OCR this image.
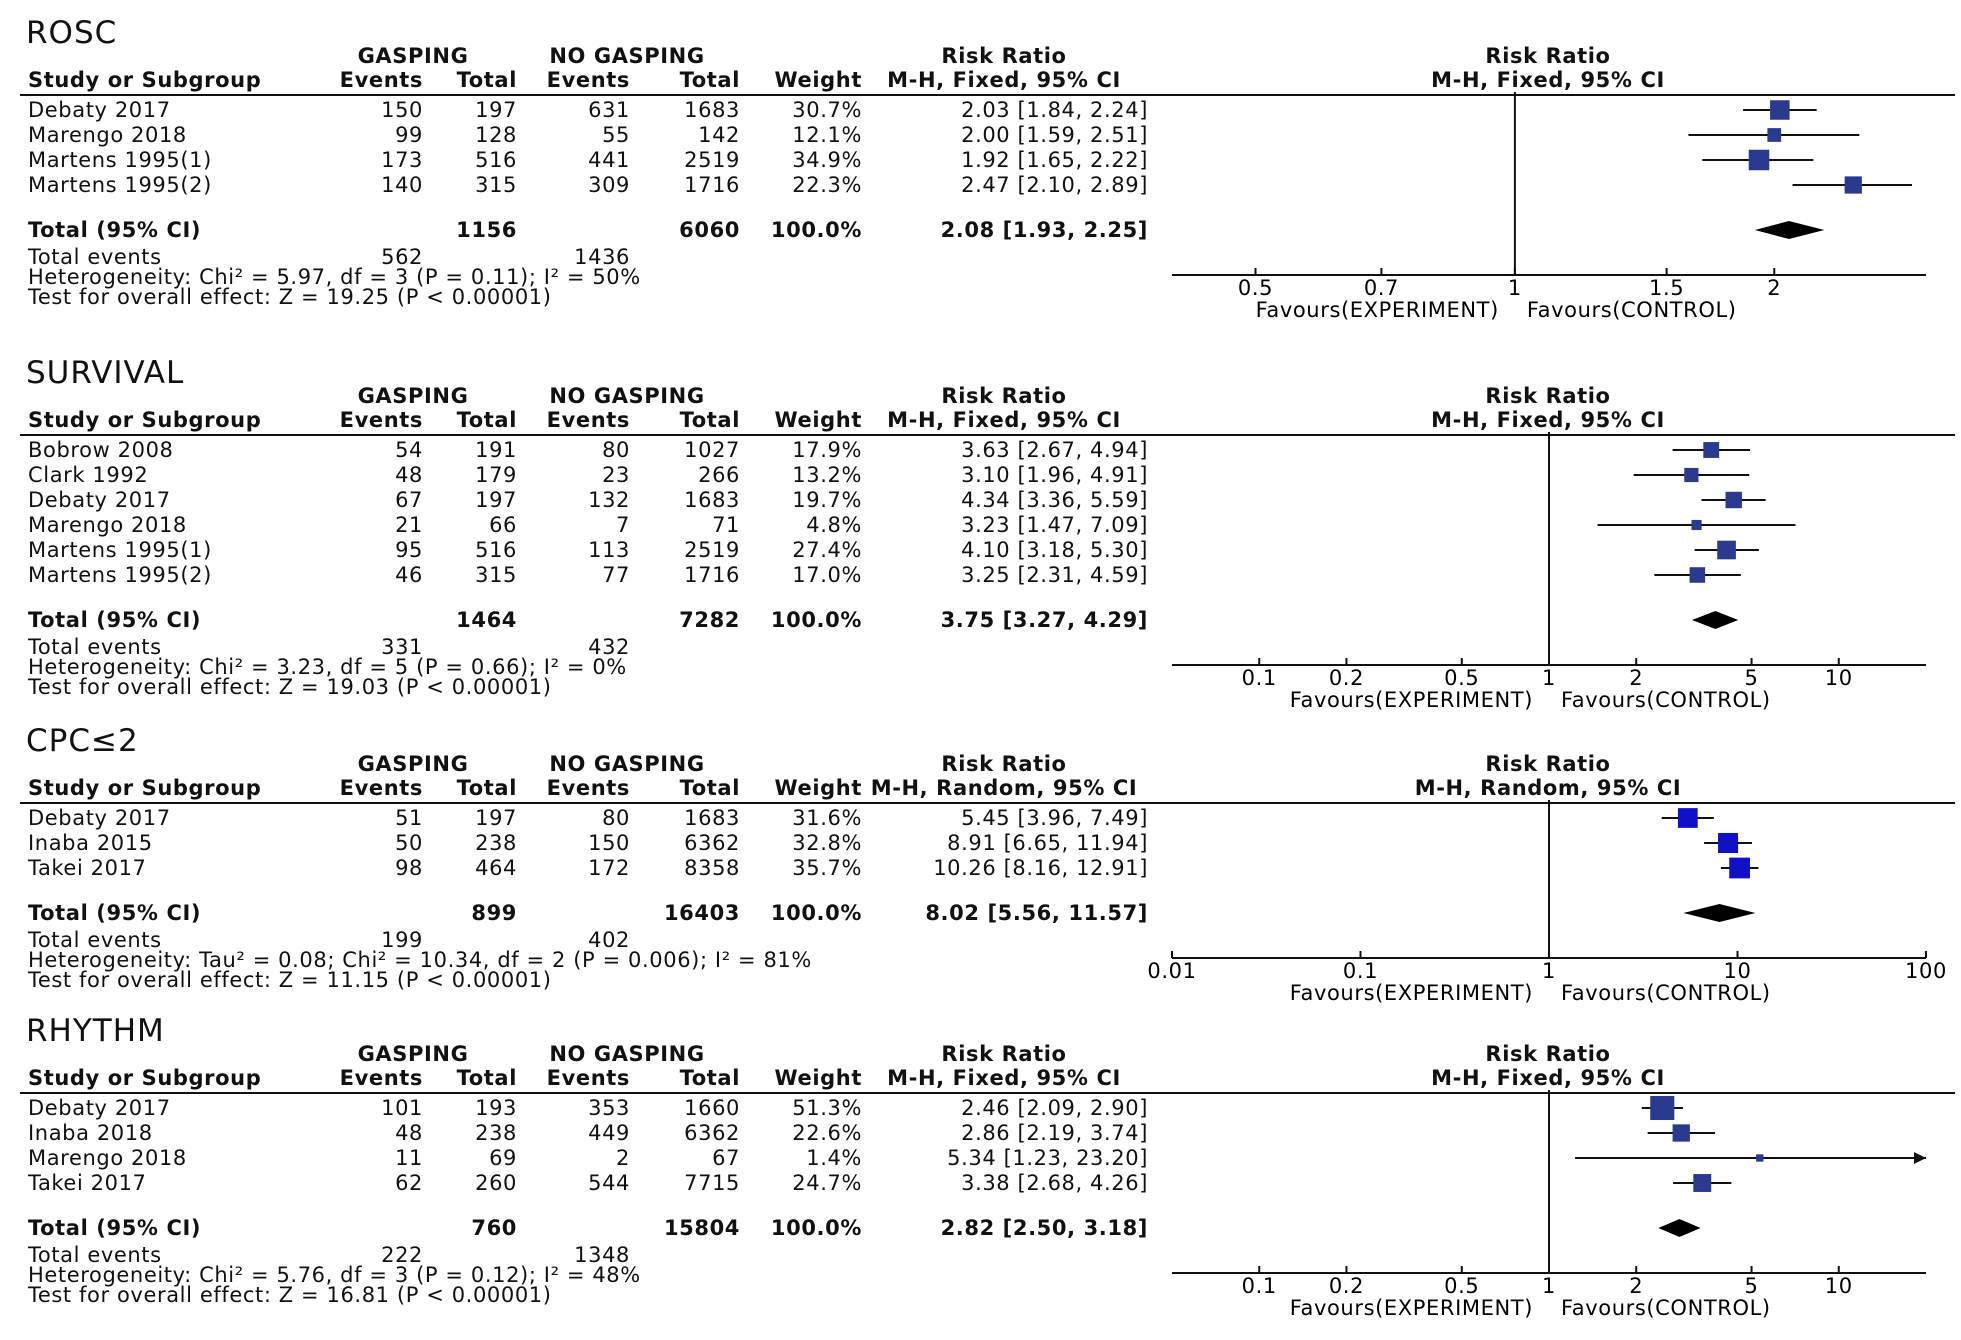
ROSC
GASPING	NO GASPING	Risk Ratio	Risk Ratio
Study or Subgroup	Events Total Events Total Weight M-H, Fixed, 95% CI	M-H, Fixed, 95% CI
Debaty 2017	150 197	631	1683 30.7%	2.03 [1.84, 2.24]
Marengo 2018	99 128	55	142 12.1%	2.00 [1.59, 2.51]
Martens 1995(1)	173 516	441	2519 34.9%	1.92 [1.65, 2.22]
Martens 1995(2)	140 315	309	1716 22.3%	2.47 [2.10, 2.89]
Total (95% CI)	1156	6060 100.0%	2.08 [1.93, 2.25]
Total events	562	1436
Heterogeneity: Chi² = 5.97, df = 3 (P = 0.11); I² = 50%
Test for overall effect: Z = 19.25 (P < 0.00001)	0.5	0.7	1	1.5	2
Favours(EXPERIMENT) Favours(CONTROL)
SURVIVAL
GASPING	NO GASPING	Risk Ratio	Risk Ratio
Study or Subgroup	Events Total Events Total Weight M-H, Fixed, 95% CI	M-H, Fixed, 95% CI
Bobrow 2008	54 191	80	1027 17.9%	3.63 [2.67, 4.94]
Clark 1992	48 179	23	266 13.2%	3.10 [1.96, 4.91]
Debaty 2017	67 197	132	1683 19.7%	4.34 [3.36, 5.59]
Marengo 2018	21	66	7	71	4.8%	3.23 [1.47, 7.09]
Martens 1995(1)	95 516	113	2519 27.4%	4.10 [3.18, 5.30]
Martens 1995(2)	46 315	77	1716 17.0%	3.25 [2.31, 4.59]
Total (95% CI)	1464	7282 100.0%	3.75 [3.27, 4.29]
Total events	331	432
Heterogeneity: Chi² = 3.23, df = 5 (P = 0.66); I² = 0%
Test for overall effect: Z = 19.03 (P < 0.00001)	0.1 0.2	0.5	1	2	5	10
Favours(EXPERIMENT) Favours(CONTROL)
CPC≤2
GASPING	NO GASPING	Risk Ratio	Risk Ratio
Study or Subgroup	Events Total Events Total Weight M-H, Random, 95% CI	M-H, Random, 95% CI
Debaty 2017	51 197	80	1683 31.6%	5.45 [3.96, 7.49]
Inaba 2015	50 238	150	6362 32.8%	8.91 [6.65, 11.94]
Takei 2017	98 464	172	8358 35.7%	10.26 [8.16, 12.91]
Total (95% CI)	899	16403 100.0%	8.02 [5.56, 11.57]
Total events	199	402
Heterogeneity: Tau² = 0.08; Chi² = 10.34, df = 2 (P = 0.006); I² = 81%
Test for overall effect: Z = 11.15 (P < 0.00001)	0.01	0.1	1	10	100
Favours(EXPERIMENT) Favours(CONTROL)
RHYTHM
GASPING	NO GASPING	Risk Ratio	Risk Ratio
Study or Subgroup	Events Total Events Total Weight M-H, Fixed, 95% CI	M-H, Fixed, 95% CI
Debaty 2017	101 193	353	1660 51.3%	2.46 [2.09, 2.90]
Inaba 2018	48 238	449	6362 22.6%	2.86 [2.19, 3.74]
Marengo 2018	11	69	2	67	1.4%	5.34 [1.23, 23.20]
Takei 2017	62 260	544	7715 24.7%	3.38 [2.68, 4.26]
Total (95% CI)	760	15804 100.0%	2.82 [2.50, 3.18]
Total events	222	1348
Heterogeneity: Chi² = 5.76, df = 3 (P = 0.12); I² = 48%
Test for overall effect: Z = 16.81 (P < 0.00001)	0.1 0.2	0.5	1	2	5	10
Favours(EXPERIMENT) Favours(CONTROL)
